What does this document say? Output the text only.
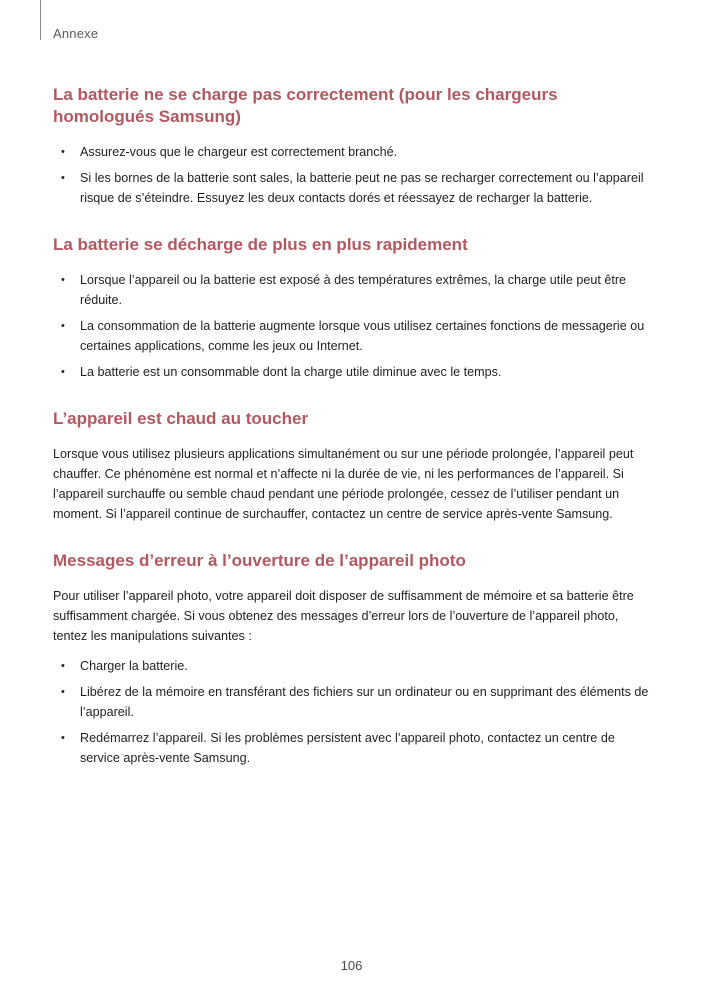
Annexe
La batterie ne se charge pas correctement (pour les chargeurs homologués Samsung)
• Assurez-vous que le chargeur est correctement branché.
• Si les bornes de la batterie sont sales, la batterie peut ne pas se recharger correctement ou l’appareil risque de s’éteindre. Essuyez les deux contacts dorés et réessayez de recharger la batterie.
La batterie se décharge de plus en plus rapidement
• Lorsque l’appareil ou la batterie est exposé à des températures extrêmes, la charge utile peut être réduite.
• La consommation de la batterie augmente lorsque vous utilisez certaines fonctions de messagerie ou certaines applications, comme les jeux ou Internet.
• La batterie est un consommable dont la charge utile diminue avec le temps.
L’appareil est chaud au toucher

Lorsque vous utilisez plusieurs applications simultanément ou sur une période prolongée, l’appareil peut chauffer. Ce phénomène est normal et n’affecte ni la durée de vie, ni les performances de l’appareil. Si l’appareil surchauffe ou semble chaud pendant une période prolongée, cessez de l’utiliser pendant un moment. Si l’appareil continue de surchauffer, contactez un centre de service après-vente Samsung.

Messages d’erreur à l’ouverture de l’appareil photo

Pour utiliser l’appareil photo, votre appareil doit disposer de suffisamment de mémoire et sa batterie être suffisamment chargée. Si vous obtenez des messages d’erreur lors de l’ouverture de l’appareil photo, tentez les manipulations suivantes :

• Charger la batterie.
• Libérez de la mémoire en transférant des fichiers sur un ordinateur ou en supprimant des éléments de l’appareil.
• Redémarrez l’appareil. Si les problèmes persistent avec l’appareil photo, contactez un centre de service après-vente Samsung.
106
